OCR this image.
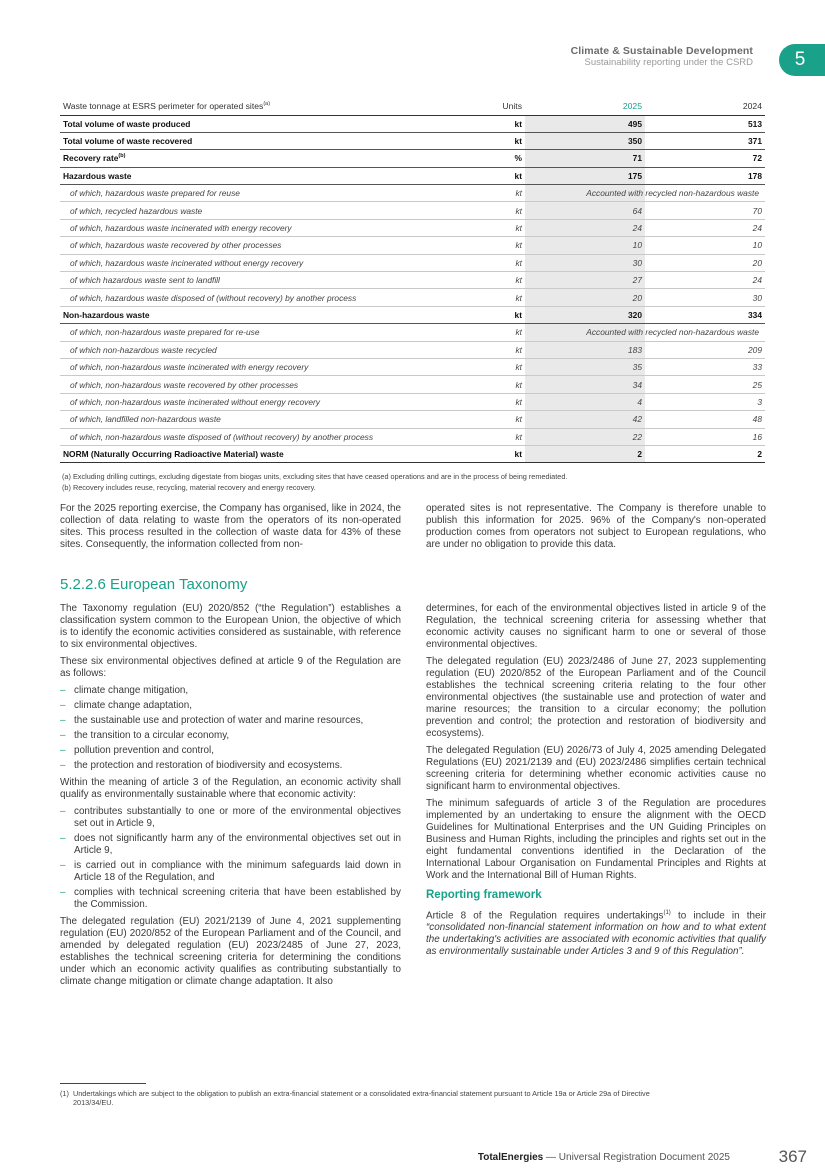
Climate & Sustainable Development
Sustainability reporting under the CSRD	5
Waste tonnage at ESRS perimeter for operated sites$^{(a)}$	Units	2025	2024
Total volume of waste produced	kt	495	513
Total volume of waste recovered	kt	350	371
Recovery rate$^{(b)}$	%	71	72
Hazardous waste	kt	175	178
of which, hazardous waste prepared for reuse	kt	Accounted with recycled non-hazardous waste	
of which, recycled hazardous waste	kt	64	70
of which, hazardous waste incinerated with energy recovery	kt	24	24
of which, hazardous waste recovered by other processes	kt	10	10
of which, hazardous waste incinerated without energy recovery	kt	30	20
of which hazardous waste sent to landfill	kt	27	24
of which, hazardous waste disposed of (without recovery) by another process	kt	20	30
Non-hazardous waste	kt	320	334
of which, non-hazardous waste prepared for re-use	kt	Accounted with recycled non-hazardous waste	
of which non-hazardous waste recycled	kt	183	209
of which, non-hazardous waste incinerated with energy recovery	kt	35	33
of which, non-hazardous waste recovered by other processes	kt	34	25
of which, non-hazardous waste incinerated without energy recovery	kt	4	3
of which, landfilled non-hazardous waste	kt	42	48
of which, non-hazardous waste disposed of (without recovery) by another process	kt	22	16
NORM (Naturally Occurring Radioactive Material) waste	kt	2	2
(a) Excluding drilling cuttings, excluding digestate from biogas units, excluding sites that have ceased operations and are in the process of being remediated.
(b) Recovery includes reuse, recycling, material recovery and energy recovery.

For the 2025 reporting exercise, the Company has organised, like in 2024, the collection of data relating to waste from the operators of its non-operated sites. This process resulted in the collection of waste data for 43% of these sites. Consequently, the information collected from non-

operated sites is not representative. The Company is therefore unable to publish this information for 2025. 96% of the Company's non-operated production comes from operators not subject to European regulations, who are under no obligation to provide this data.

5.2.2.6 European Taxonomy

The Taxonomy regulation (EU) 2020/852 (“the Regulation”) establishes a classification system common to the European Union, the objective of which is to identify the economic activities considered as sustainable, with reference to six environmental objectives.

These six environmental objectives defined at article 9 of the Regulation are as follows:

– climate change mitigation,
– climate change adaptation,
– the sustainable use and protection of water and marine resources,
– the transition to a circular economy,
– pollution prevention and control,
– the protection and restoration of biodiversity and ecosystems.

Within the meaning of article 3 of the Regulation, an economic activity shall qualify as environmentally sustainable where that economic activity:

– contributes substantially to one or more of the environmental objectives set out in Article 9,
– does not significantly harm any of the environmental objectives set out in Article 9,
– is carried out in compliance with the minimum safeguards laid down in Article 18 of the Regulation, and
– complies with technical screening criteria that have been established by the Commission.

The delegated regulation (EU) 2021/2139 of June 4, 2021 supplementing regulation (EU) 2020/852 of the European Parliament and of the Council, and amended by delegated regulation (EU) 2023/2485 of June 27, 2023, establishes the technical screening criteria for determining the conditions under which an economic activity qualifies as contributing substantially to climate change mitigation or climate change adaptation. It also

determines, for each of the environmental objectives listed in article 9 of the Regulation, the technical screening criteria for assessing whether that economic activity causes no significant harm to one or several of those environmental objectives.

The delegated regulation (EU) 2023/2486 of June 27, 2023 supplementing regulation (EU) 2020/852 of the European Parliament and of the Council establishes the technical screening criteria relating to the four other environmental objectives (the sustainable use and protection of water and marine resources; the transition to a circular economy; the pollution prevention and control; the protection and restoration of biodiversity and ecosystems).

The delegated Regulation (EU) 2026/73 of July 4, 2025 amending Delegated Regulations (EU) 2021/2139 and (EU) 2023/2486 simplifies certain technical screening criteria for determining whether economic activities cause no significant harm to environmental objectives.

The minimum safeguards of article 3 of the Regulation are procedures implemented by an undertaking to ensure the alignment with the OECD Guidelines for Multinational Enterprises and the UN Guiding Principles on Business and Human Rights, including the principles and rights set out in the eight fundamental conventions identified in the Declaration of the International Labour Organisation on Fundamental Principles and Rights at Work and the International Bill of Human Rights.

Reporting framework

Article 8 of the Regulation requires undertakings$^{(1)}$ to include in their “consolidated non-financial statement information on how and to what extent the undertaking's activities are associated with economic activities that qualify as environmentally sustainable under Articles 3 and 9 of this Regulation”.

(1) Undertakings which are subject to the obligation to publish an extra-financial statement or a consolidated extra-financial statement pursuant to Article 19a or Article 29a of Directive
2013/34/EU.
TotalEnergies — Universal Registration Document 2025	367
